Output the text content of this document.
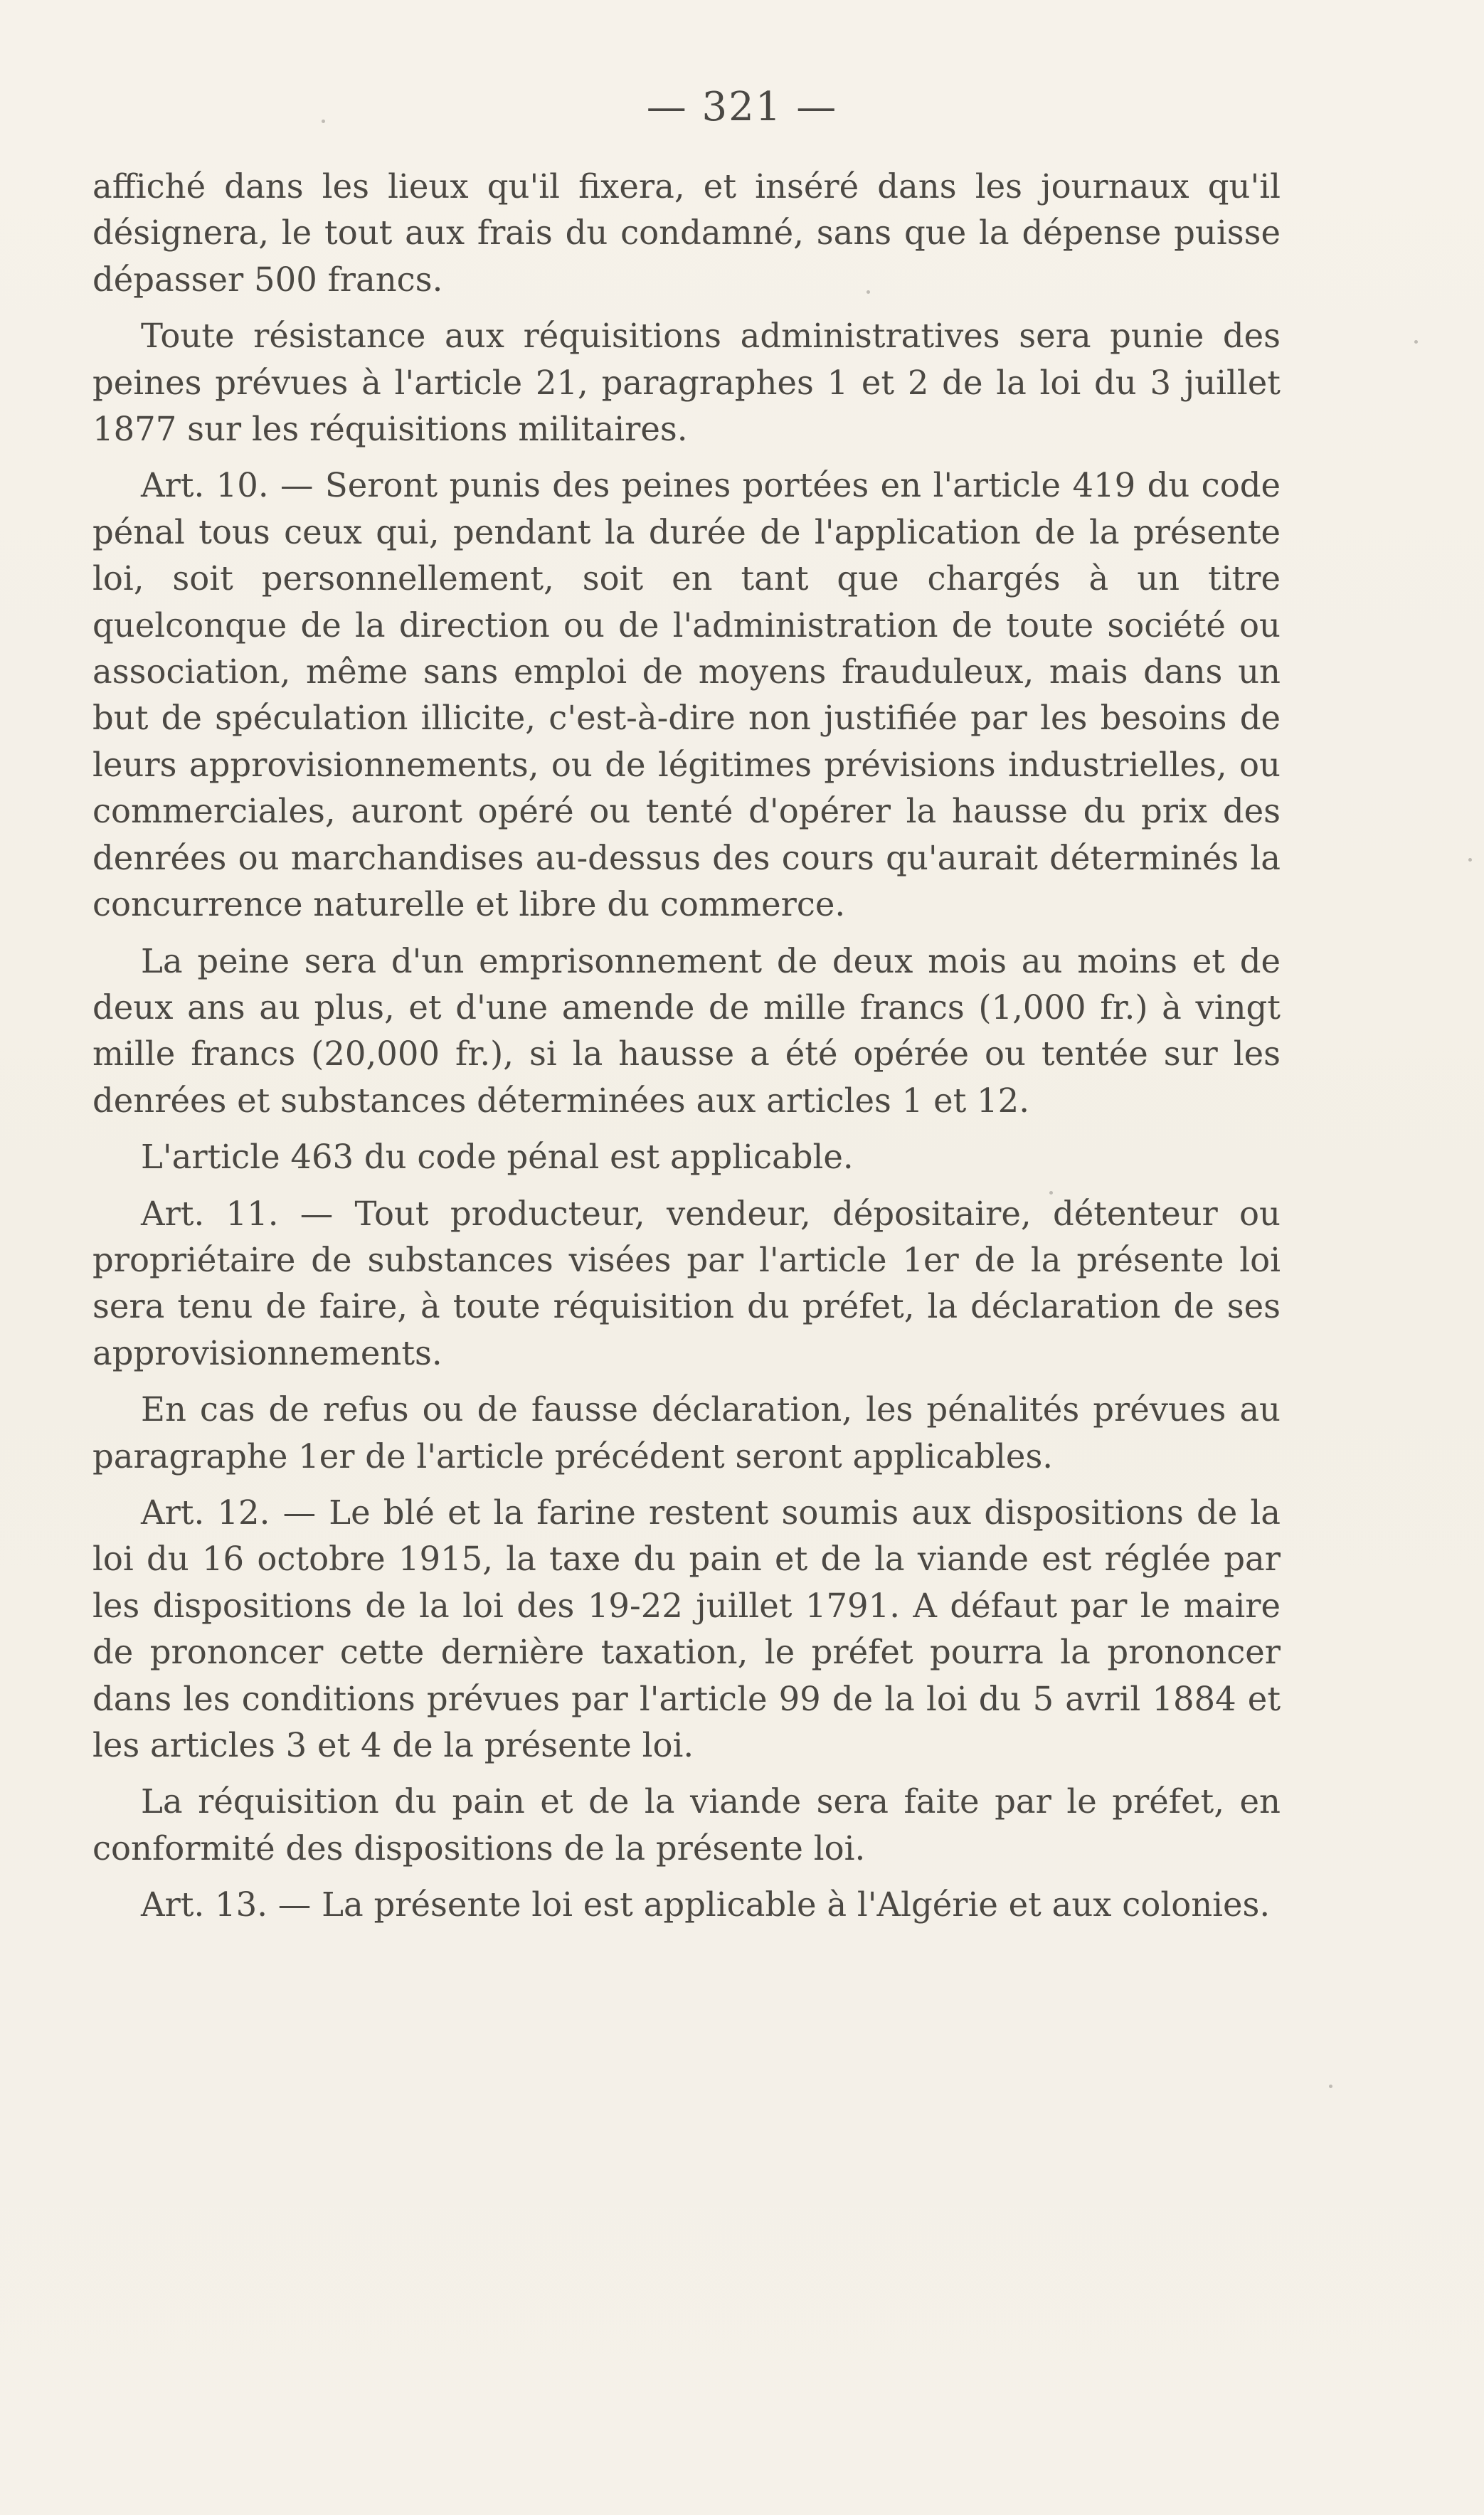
— 321 —

affiché dans les lieux qu'il fixera, et inséré dans les journaux qu'il désignera, le tout aux frais du condamné, sans que la dépense puisse dépasser 500 francs.

Toute résistance aux réquisitions administratives sera punie des peines prévues à l'article 21, paragraphes 1 et 2 de la loi du 3 juillet 1877 sur les réquisitions militaires.

Art. 10. — Seront punis des peines portées en l'article 419 du code pénal tous ceux qui, pendant la durée de l'application de la présente loi, soit personnellement, soit en tant que chargés à un titre quelconque de la direction ou de l'administration de toute société ou association, même sans emploi de moyens frauduleux, mais dans un but de spéculation illicite, c'est-à-dire non justifiée par les besoins de leurs approvisionnements, ou de légitimes prévisions industrielles, ou commerciales, auront opéré ou tenté d'opérer la hausse du prix des denrées ou marchandises au-dessus des cours qu'aurait déterminés la concurrence naturelle et libre du commerce.

La peine sera d'un emprisonnement de deux mois au moins et de deux ans au plus, et d'une amende de mille francs (1,000 fr.) à vingt mille francs (20,000 fr.), si la hausse a été opérée ou tentée sur les denrées et substances déterminées aux articles 1 et 12.

L'article 463 du code pénal est applicable.

Art. 11. — Tout producteur, vendeur, dépositaire, détenteur ou propriétaire de substances visées par l'article 1er de la présente loi sera tenu de faire, à toute réquisition du préfet, la déclaration de ses approvisionnements.

En cas de refus ou de fausse déclaration, les pénalités prévues au paragraphe 1er de l'article précédent seront applicables.

Art. 12. — Le blé et la farine restent soumis aux dispositions de la loi du 16 octobre 1915, la taxe du pain et de la viande est réglée par les dispositions de la loi des 19-22 juillet 1791. A défaut par le maire de prononcer cette dernière taxation, le préfet pourra la prononcer dans les conditions prévues par l'article 99 de la loi du 5 avril 1884 et les articles 3 et 4 de la présente loi.

La réquisition du pain et de la viande sera faite par le préfet, en conformité des dispositions de la présente loi.

Art. 13. — La présente loi est applicable à l'Algérie et aux colonies.
